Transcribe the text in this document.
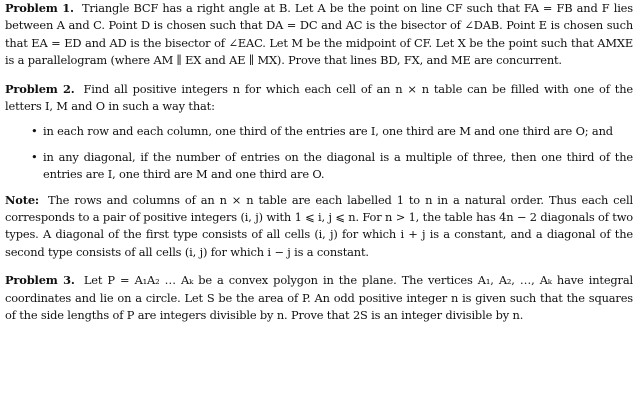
Problem 1. Triangle BCF has a right angle at B. Let A be the point on line CF such that FA = FB and F lies between A and C. Point D is chosen such that DA = DC and AC is the bisector of ∠DAB. Point E is chosen such that EA = ED and AD is the bisector of ∠EAC. Let M be the midpoint of CF. Let X be the point such that AMXE is a parallelogram (where AM ∥ EX and AE ∥ MX). Prove that lines BD, FX, and ME are concurrent.

Problem 2. Find all positive integers n for which each cell of an n × n table can be filled with one of the letters I, M and O in such a way that:

• in each row and each column, one third of the entries are I, one third are M and one third are O; and
• in any diagonal, if the number of entries on the diagonal is a multiple of three, then one third of the entries are I, one third are M and one third are O.

Note: The rows and columns of an n × n table are each labelled 1 to n in a natural order. Thus each cell corresponds to a pair of positive integers (i, j) with 1 ⩽ i, j ⩽ n. For n > 1, the table has 4n − 2 diagonals of two types. A diagonal of the first type consists of all cells (i, j) for which i + j is a constant, and a diagonal of the second type consists of all cells (i, j) for which i − j is a constant.

Problem 3. Let P = A₁A₂ … Aₖ be a convex polygon in the plane. The vertices A₁, A₂, …, Aₖ have integral coordinates and lie on a circle. Let S be the area of P. An odd positive integer n is given such that the squares of the side lengths of P are integers divisible by n. Prove that 2S is an integer divisible by n.
